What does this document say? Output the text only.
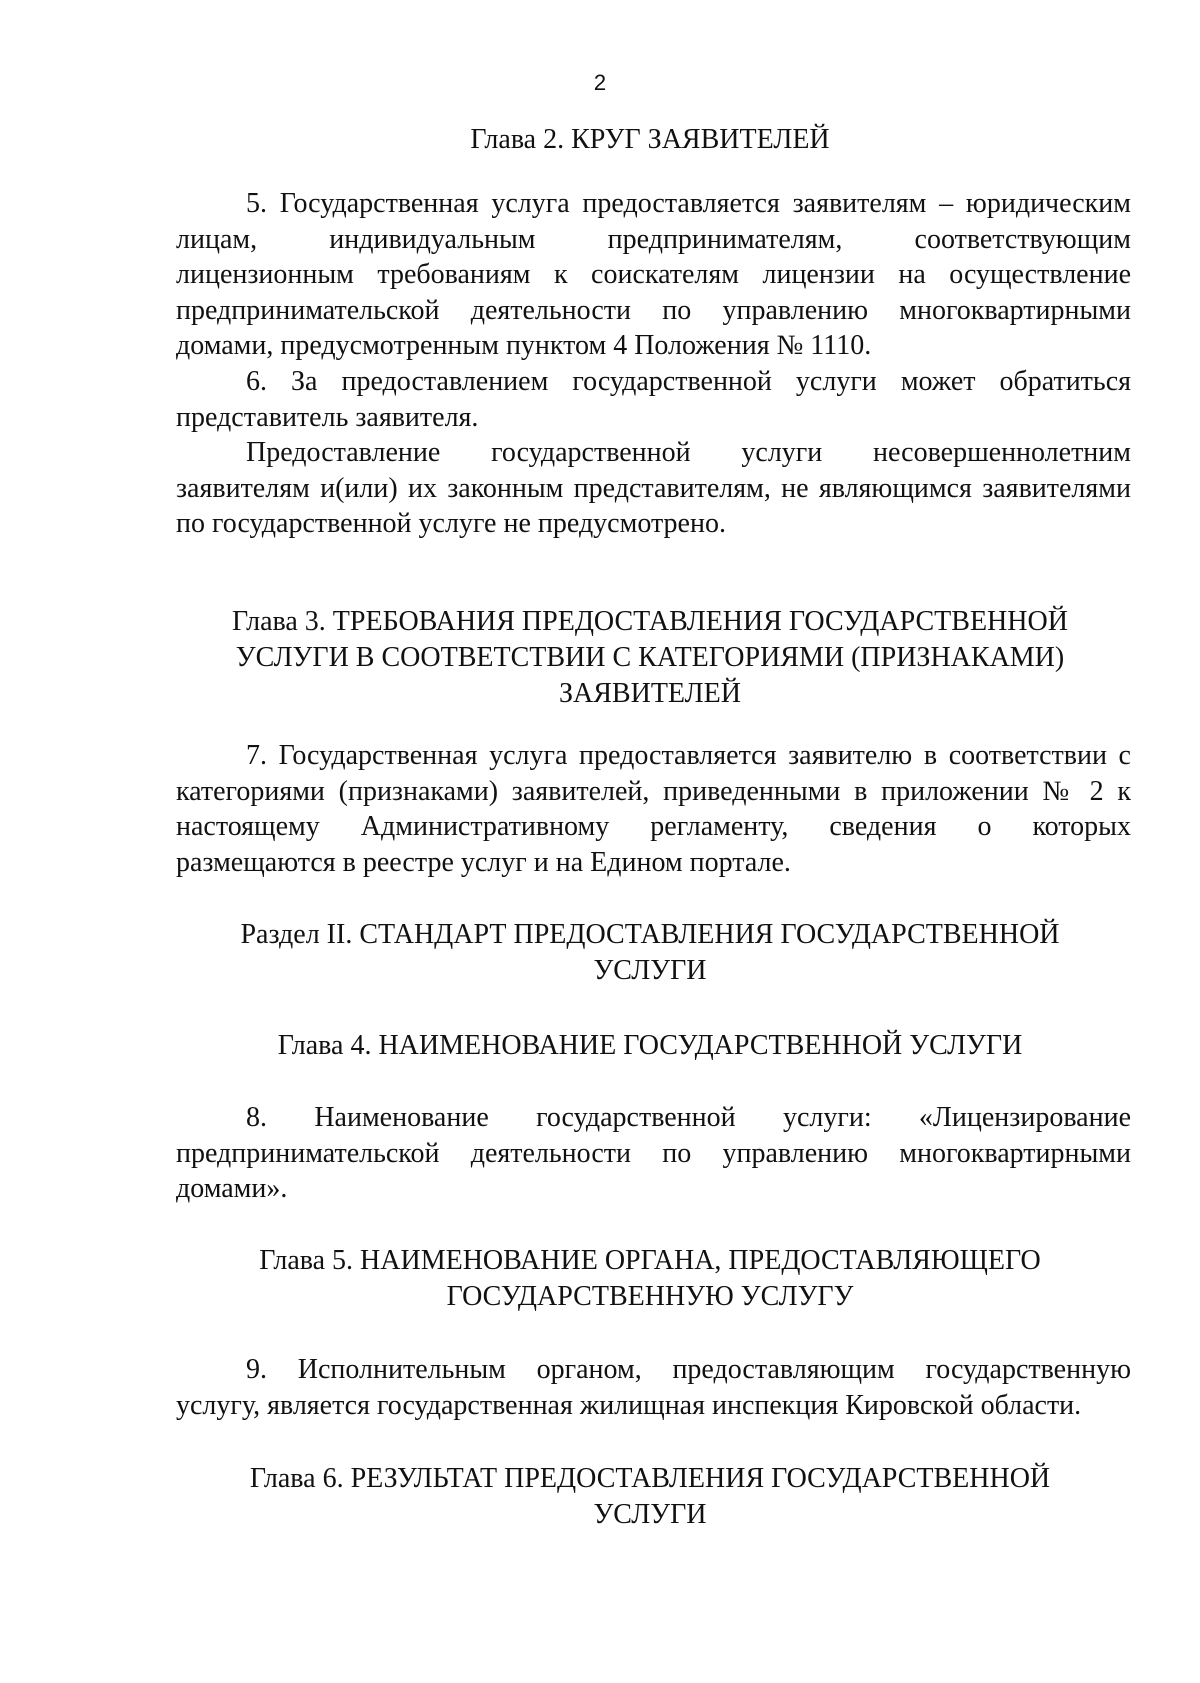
2
Глава 2. КРУГ ЗАЯВИТЕЛЕЙ
5. Государственная услуга предоставляется заявителям – юридическим
лицам, индивидуальным предпринимателям, соответствующим
лицензионным требованиям к соискателям лицензии на осуществление
предпринимательской деятельности по управлению многоквартирными
домами, предусмотренным пунктом 4 Положения № 1110.
6. За предоставлением государственной услуги может обратиться
представитель заявителя.
Предоставление государственной услуги несовершеннолетним
заявителям и(или) их законным представителям, не являющимся заявителями
по государственной услуге не предусмотрено.
Глава 3. ТРЕБОВАНИЯ ПРЕДОСТАВЛЕНИЯ ГОСУДАРСТВЕННОЙ
УСЛУГИ В СООТВЕТСТВИИ С КАТЕГОРИЯМИ (ПРИЗНАКАМИ)
ЗАЯВИТЕЛЕЙ
7. Государственная услуга предоставляется заявителю в соответствии с
категориями (признаками) заявителей, приведенными в приложении № 2 к
настоящему Административному регламенту, сведения о которых
размещаются в реестре услуг и на Едином портале.
Раздел II. СТАНДАРТ ПРЕДОСТАВЛЕНИЯ ГОСУДАРСТВЕННОЙ
УСЛУГИ
Глава 4. НАИМЕНОВАНИЕ ГОСУДАРСТВЕННОЙ УСЛУГИ
8. Наименование государственной услуги: «Лицензирование
предпринимательской деятельности по управлению многоквартирными
домами».
Глава 5. НАИМЕНОВАНИЕ ОРГАНА, ПРЕДОСТАВЛЯЮЩЕГО
ГОСУДАРСТВЕННУЮ УСЛУГУ
9. Исполнительным органом, предоставляющим государственную
услугу, является государственная жилищная инспекция Кировской области.
Глава 6. РЕЗУЛЬТАТ ПРЕДОСТАВЛЕНИЯ ГОСУДАРСТВЕННОЙ
УСЛУГИ
